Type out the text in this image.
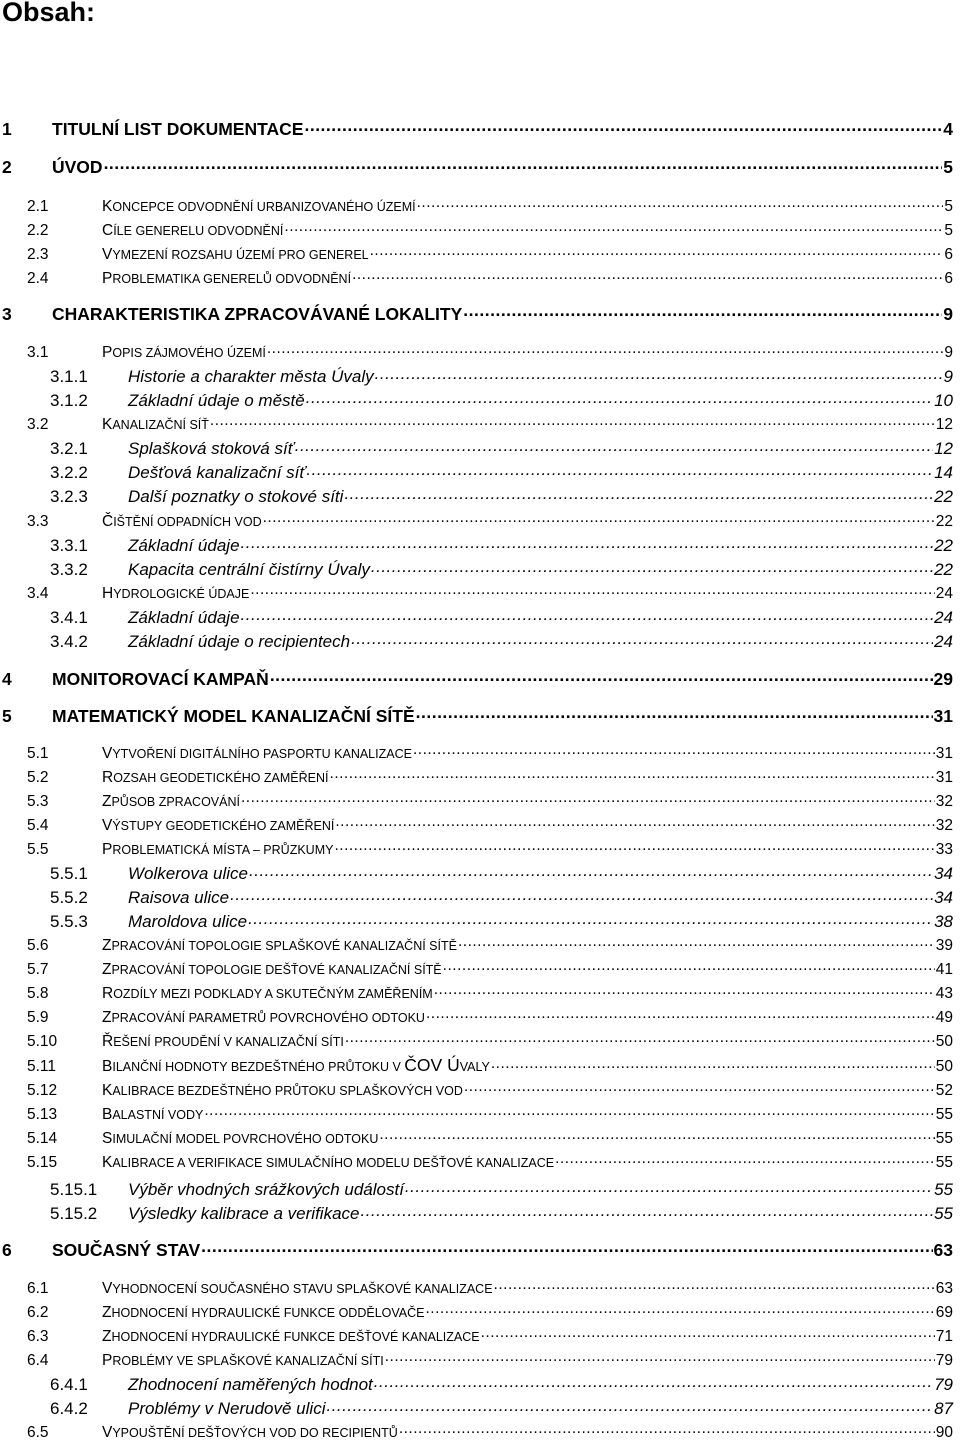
Obsah:
1	TITULNÍ LIST DOKUMENTACE .....	4
2	ÚVOD .....	5
2.1	KONCEPCE ODVODNĚNÍ URBANIZOVANÉHO ÚZEMÍ .....	5
2.2	CÍLE GENERELU ODVODNĚNÍ .....	5
2.3	VYMEZENÍ ROZSAHU ÚZEMÍ PRO GENEREL .....	6
2.4	PROBLEMATIKA GENERELŮ ODVODNĚNÍ .....	6
3	CHARAKTERISTIKA ZPRACOVÁVANÉ LOKALITY .....	9
3.1	POPIS ZÁJMOVÉHO ÚZEMÍ .....	9
3.1.1	Historie a charakter města Úvaly .....	9
3.1.2	Základní údaje o městě .....	10
3.2	KANALIZAČNÍ SÍŤ .....	12
3.2.1	Splašková stoková síť .....	12
3.2.2	Dešťová kanalizační síť .....	14
3.2.3	Další poznatky o stokové síti .....	22
3.3	ČIŠTĚNÍ ODPADNÍCH VOD .....	22
3.3.1	Základní údaje .....	22
3.3.2	Kapacita centrální čistírny Úvaly .....	22
3.4	HYDROLOGICKÉ ÚDAJE .....	24
3.4.1	Základní údaje .....	24
3.4.2	Základní údaje o recipientech .....	24
4	MONITOROVACÍ KAMPAŇ .....	29
5	MATEMATICKÝ MODEL KANALIZAČNÍ SÍTĚ .....	31
5.1	VYTVOŘENÍ DIGITÁLNÍHO PASPORTU KANALIZACE .....	31
5.2	ROZSAH GEODETICKÉHO ZAMĚŘENÍ .....	31
5.3	ZPŮSOB ZPRACOVÁNÍ .....	32
5.4	VÝSTUPY GEODETICKÉHO ZAMĚŘENÍ .....	32
5.5	PROBLEMATICKÁ MÍSTA – PRŮZKUMY .....	33
5.5.1	Wolkerova ulice .....	34
5.5.2	Raisova ulice .....	34
5.5.3	Maroldova ulice .....	38
5.6	ZPRACOVÁNÍ TOPOLOGIE SPLAŠKOVÉ KANALIZAČNÍ SÍTĚ .....	39
5.7	ZPRACOVÁNÍ TOPOLOGIE DEŠŤOVÉ KANALIZAČNÍ SÍTĚ .....	41
5.8	ROZDÍLY MEZI PODKLADY A SKUTEČNÝM ZAMĚŘENÍM .....	43
5.9	ZPRACOVÁNÍ PARAMETRŮ POVRCHOVÉHO ODTOKU .....	49
5.10	ŘEŠENÍ PROUDĚNÍ V KANALIZAČNÍ SÍTI .....	50
5.11	BILANČNÍ HODNOTY BEZDEŠTNÉHO PRŮTOKU V ČOV ÚVALY .....	50
5.12	KALIBRACE BEZDEŠTNÉHO PRŮTOKU SPLAŠKOVÝCH VOD .....	52
5.13	BALASTNÍ VODY .....	55
5.14	SIMULAČNÍ MODEL POVRCHOVÉHO ODTOKU .....	55
5.15	KALIBRACE A VERIFIKACE SIMULAČNÍHO MODELU DEŠŤOVÉ KANALIZACE .....	55
5.15.1	Výběr vhodných srážkových událostí .....	55
5.15.2	Výsledky kalibrace a verifikace .....	55
6	SOUČASNÝ STAV .....	63
6.1	VYHODNOCENÍ SOUČASNÉHO STAVU SPLAŠKOVÉ KANALIZACE .....	63
6.2	ZHODNOCENÍ HYDRAULICKÉ FUNKCE ODDĚLOVAČE .....	69
6.3	ZHODNOCENÍ HYDRAULICKÉ FUNKCE DEŠŤOVÉ KANALIZACE .....	71
6.4	PROBLÉMY VE SPLAŠKOVÉ KANALIZAČNÍ SÍTI .....	79
6.4.1	Zhodnocení naměřených hodnot .....	79
6.4.2	Problémy v Nerudově ulici .....	87
6.5	VYPOUŠTĚNÍ DEŠŤOVÝCH VOD DO RECIPIENTŮ .....	90
